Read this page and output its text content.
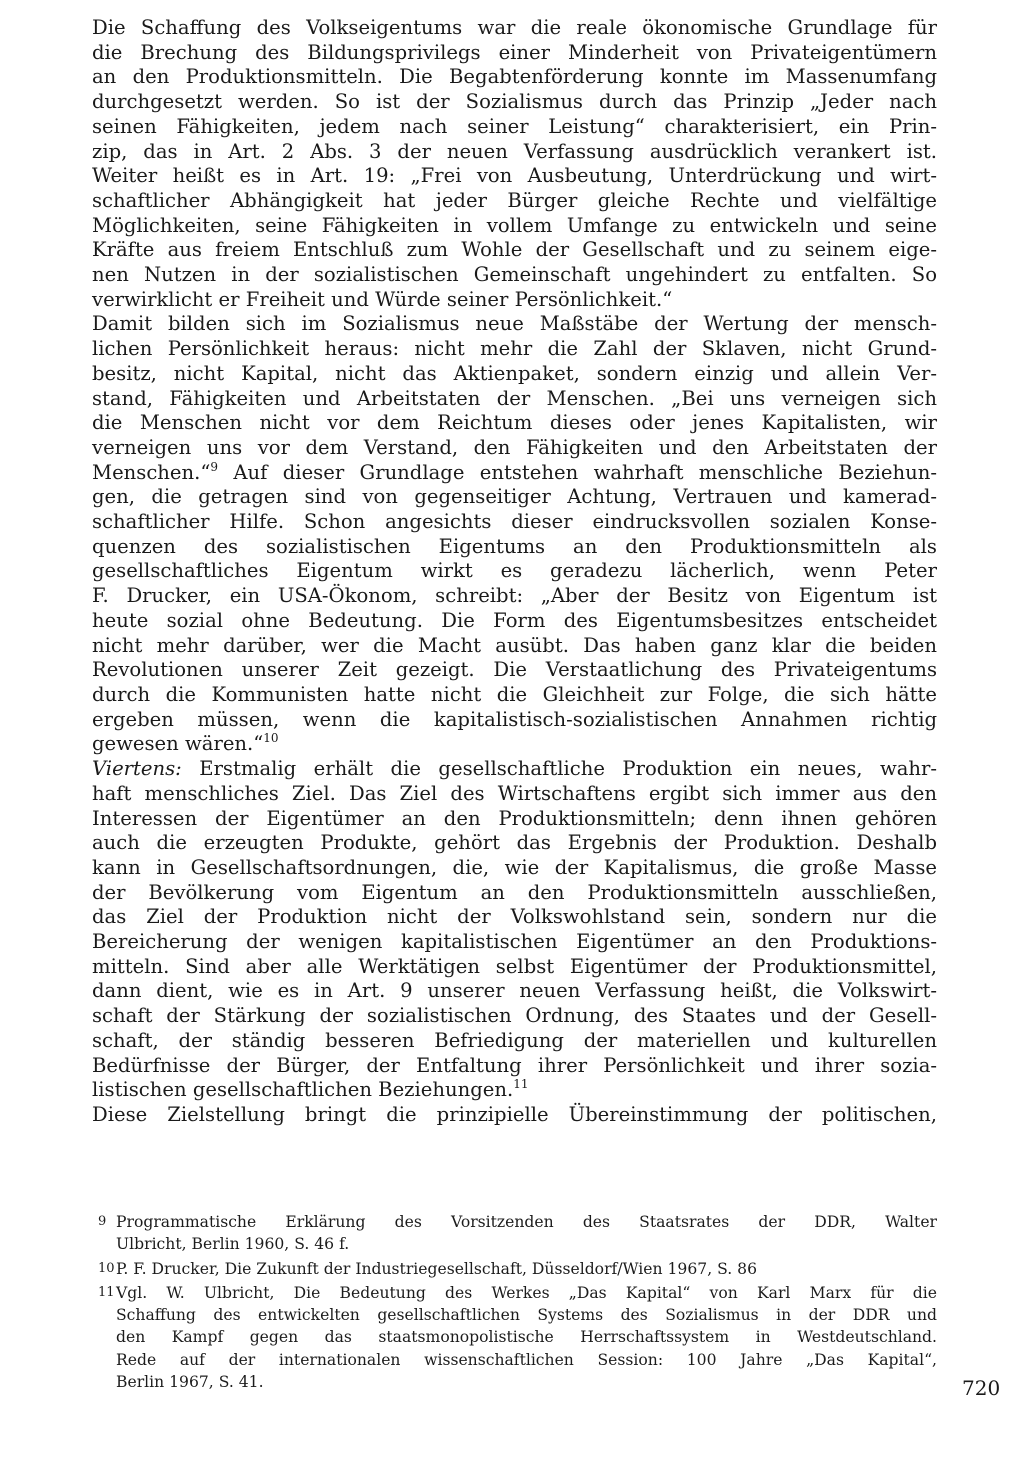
Die Schaffung des Volkseigentums war die reale ökonomische Grundlage für
die Brechung des Bildungsprivilegs einer Minderheit von Privateigentümern
an den Produktionsmitteln. Die Begabtenförderung konnte im Massenumfang
durchgesetzt werden. So ist der Sozialismus durch das Prinzip „Jeder nach
seinen Fähigkeiten, jedem nach seiner Leistung“ charakterisiert, ein Prin-
zip, das in Art. 2 Abs. 3 der neuen Verfassung ausdrücklich verankert ist.
Weiter heißt es in Art. 19: „Frei von Ausbeutung, Unterdrückung und wirt-
schaftlicher Abhängigkeit hat jeder Bürger gleiche Rechte und vielfältige
Möglichkeiten, seine Fähigkeiten in vollem Umfange zu entwickeln und seine
Kräfte aus freiem Entschluß zum Wohle der Gesellschaft und zu seinem eige-
nen Nutzen in der sozialistischen Gemeinschaft ungehindert zu entfalten. So
verwirklicht er Freiheit und Würde seiner Persönlichkeit.“

Damit bilden sich im Sozialismus neue Maßstäbe der Wertung der mensch-
lichen Persönlichkeit heraus: nicht mehr die Zahl der Sklaven, nicht Grund-
besitz, nicht Kapital, nicht das Aktienpaket, sondern einzig und allein Ver-
stand, Fähigkeiten und Arbeitstaten der Menschen. „Bei uns verneigen sich
die Menschen nicht vor dem Reichtum dieses oder jenes Kapitalisten, wir
verneigen uns vor dem Verstand, den Fähigkeiten und den Arbeitstaten der
Menschen.“$^9$ Auf dieser Grundlage entstehen wahrhaft menschliche Beziehun-
gen, die getragen sind von gegenseitiger Achtung, Vertrauen und kamerad-
schaftlicher Hilfe. Schon angesichts dieser eindrucksvollen sozialen Konse-
quenzen des sozialistischen Eigentums an den Produktionsmitteln als
gesellschaftliches Eigentum wirkt es geradezu lächerlich, wenn Peter
F. Drucker, ein USA-Ökonom, schreibt: „Aber der Besitz von Eigentum ist
heute sozial ohne Bedeutung. Die Form des Eigentumsbesitzes entscheidet
nicht mehr darüber, wer die Macht ausübt. Das haben ganz klar die beiden
Revolutionen unserer Zeit gezeigt. Die Verstaatlichung des Privateigentums
durch die Kommunisten hatte nicht die Gleichheit zur Folge, die sich hätte
ergeben müssen, wenn die kapitalistisch-sozialistischen Annahmen richtig
gewesen wären.“$^{10}$

Viertens: Erstmalig erhält die gesellschaftliche Produktion ein neues, wahr-
haft menschliches Ziel. Das Ziel des Wirtschaftens ergibt sich immer aus den
Interessen der Eigentümer an den Produktionsmitteln; denn ihnen gehören
auch die erzeugten Produkte, gehört das Ergebnis der Produktion. Deshalb
kann in Gesellschaftsordnungen, die, wie der Kapitalismus, die große Masse
der Bevölkerung vom Eigentum an den Produktionsmitteln ausschließen,
das Ziel der Produktion nicht der Volkswohlstand sein, sondern nur die
Bereicherung der wenigen kapitalistischen Eigentümer an den Produktions-
mitteln. Sind aber alle Werktätigen selbst Eigentümer der Produktionsmittel,
dann dient, wie es in Art. 9 unserer neuen Verfassung heißt, die Volkswirt-
schaft der Stärkung der sozialistischen Ordnung, des Staates und der Gesell-
schaft, der ständig besseren Befriedigung der materiellen und kulturellen
Bedürfnisse der Bürger, der Entfaltung ihrer Persönlichkeit und ihrer sozia-
listischen gesellschaftlichen Beziehungen.$^{11}$

Diese Zielstellung bringt die prinzipielle Übereinstimmung der politischen,

9 Programmatische Erklärung des Vorsitzenden des Staatsrates der DDR, Walter
Ulbricht, Berlin 1960, S. 46 f.
10 P. F. Drucker, Die Zukunft der Industriegesellschaft, Düsseldorf/Wien 1967, S. 86
11 Vgl. W. Ulbricht, Die Bedeutung des Werkes „Das Kapital“ von Karl Marx für die
Schaffung des entwickelten gesellschaftlichen Systems des Sozialismus in der DDR und
den Kampf gegen das staatsmonopolistische Herrschaftssystem in Westdeutschland.
Rede auf der internationalen wissenschaftlichen Session: 100 Jahre „Das Kapital“,
Berlin 1967, S. 41.	720
